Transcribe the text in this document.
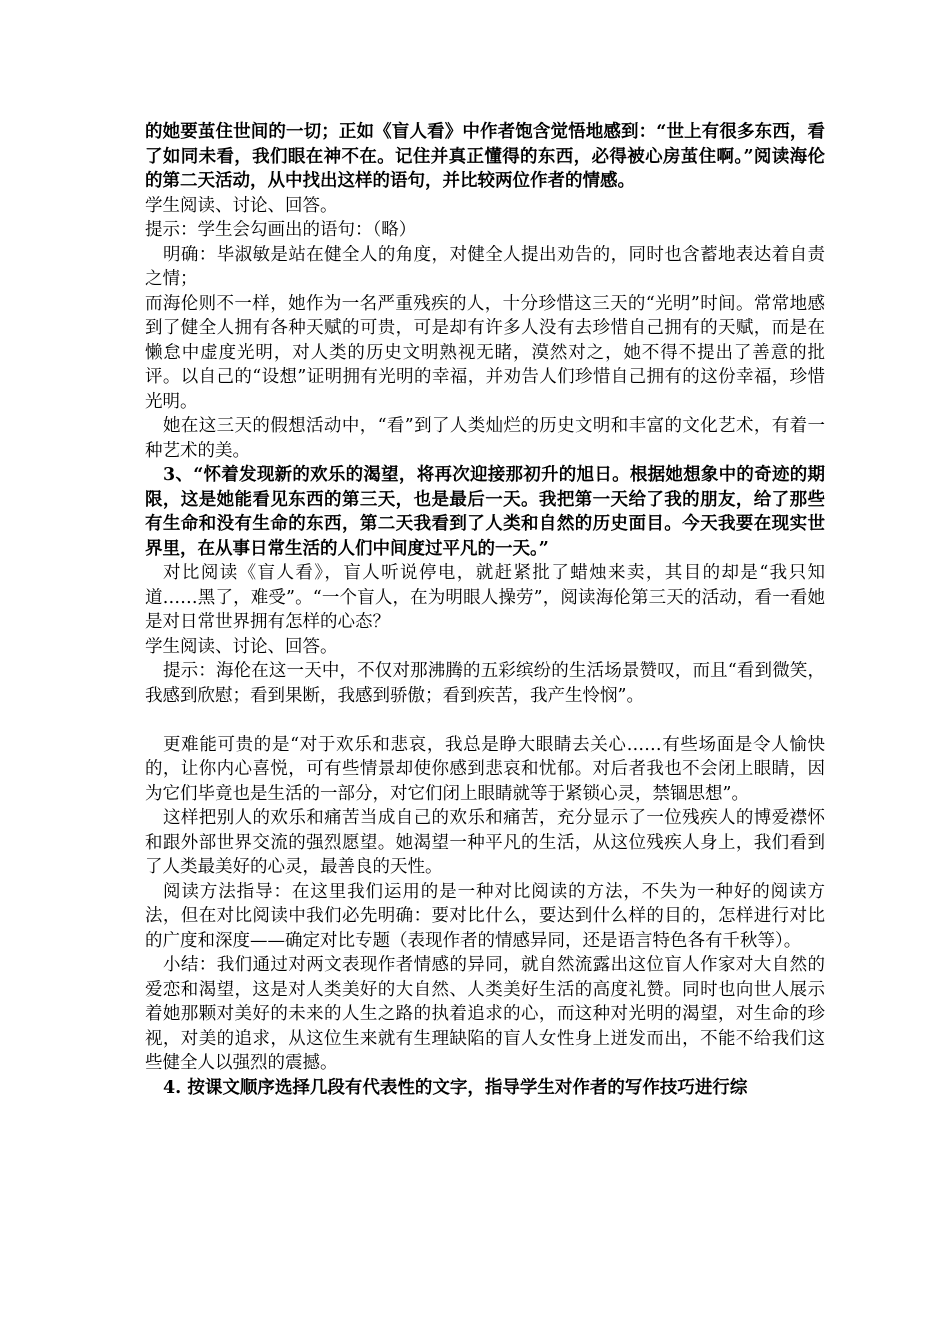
的她要茧住世间的一切；正如《盲人看》中作者饱含觉悟地感到：“世上有很多东西，看了如同未看，我们眼在神不在。记住并真正懂得的东西，必得被心房茧住啊。”阅读海伦的第二天活动，从中找出这样的语句，并比较两位作者的情感。

学生阅读、讨论、回答。

提示：学生会勾画出的语句：（略）

明确：毕淑敏是站在健全人的角度，对健全人提出劝告的，同时也含蓄地表达着自责之情；

而海伦则不一样，她作为一名严重残疾的人，十分珍惜这三天的“光明”时间。常常地感到了健全人拥有各种天赋的可贵，可是却有许多人没有去珍惜自己拥有的天赋，而是在懒怠中虚度光明，对人类的历史文明熟视无睹，漠然对之，她不得不提出了善意的批评。以自己的“设想”证明拥有光明的幸福，并劝告人们珍惜自己拥有的这份幸福，珍惜光明。

她在这三天的假想活动中，“看”到了人类灿烂的历史文明和丰富的文化艺术，有着一种艺术的美。

3、“怀着发现新的欢乐的渴望，将再次迎接那初升的旭日。根据她想象中的奇迹的期限，这是她能看见东西的第三天，也是最后一天。我把第一天给了我的朋友，给了那些有生命和没有生命的东西，第二天我看到了人类和自然的历史面目。今天我要在现实世界里，在从事日常生活的人们中间度过平凡的一天。”

对比阅读《盲人看》，盲人听说停电，就赶紧批了蜡烛来卖，其目的却是“我只知道……黑了，难受”。“一个盲人，在为明眼人操劳”，阅读海伦第三天的活动，看一看她是对日常世界拥有怎样的心态？

学生阅读、讨论、回答。

提示：海伦在这一天中，不仅对那沸腾的五彩缤纷的生活场景赞叹，而且“看到微笑，我感到欣慰；看到果断，我感到骄傲；看到疾苦，我产生怜悯”。

更难能可贵的是“对于欢乐和悲哀，我总是睁大眼睛去关心……有些场面是令人愉快的，让你内心喜悦，可有些情景却使你感到悲哀和忧郁。对后者我也不会闭上眼睛，因为它们毕竟也是生活的一部分，对它们闭上眼睛就等于紧锁心灵，禁锢思想”。

这样把别人的欢乐和痛苦当成自己的欢乐和痛苦，充分显示了一位残疾人的博爱襟怀和跟外部世界交流的强烈愿望。她渴望一种平凡的生活，从这位残疾人身上，我们看到了人类最美好的心灵，最善良的天性。

阅读方法指导：在这里我们运用的是一种对比阅读的方法，不失为一种好的阅读方法，但在对比阅读中我们必先明确：要对比什么，要达到什么样的目的，怎样进行对比的广度和深度——确定对比专题（表现作者的情感异同，还是语言特色各有千秋等）。

小结：我们通过对两文表现作者情感的异同，就自然流露出这位盲人作家对大自然的爱恋和渴望，这是对人类美好的大自然、人类美好生活的高度礼赞。同时也向世人展示着她那颗对美好的未来的人生之路的执着追求的心，而这种对光明的渴望，对生命的珍视，对美的追求，从这位生来就有生理缺陷的盲人女性身上迸发而出，不能不给我们这些健全人以强烈的震撼。

4. 按课文顺序选择几段有代表性的文字，指导学生对作者的写作技巧进行综
